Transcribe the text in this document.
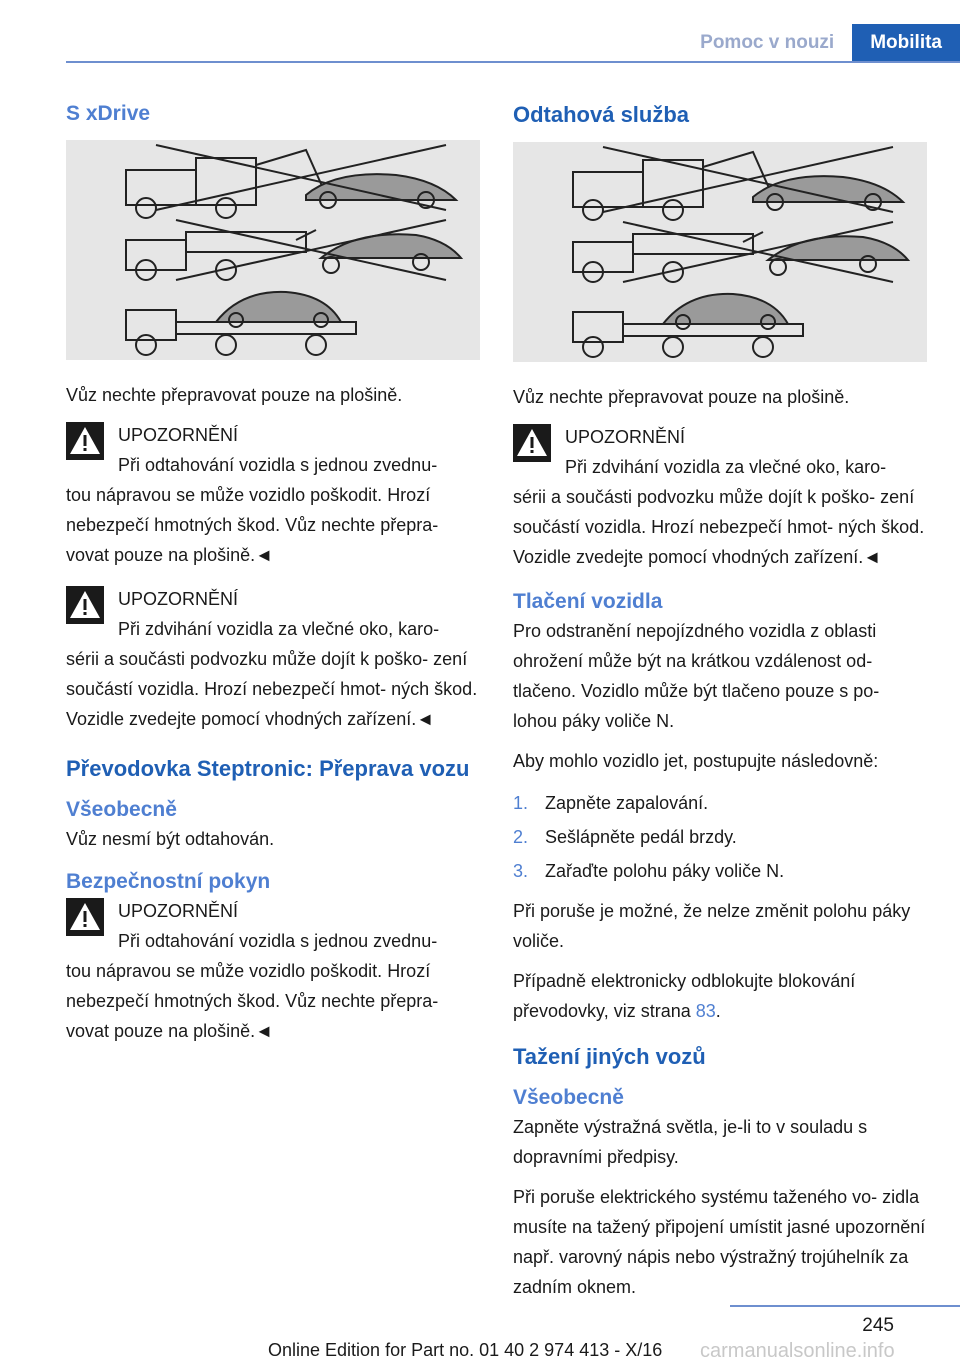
Pomoc v nouzi	Mobilita
S xDrive

Vůz nechte přepravovat pouze na plošině.

UPOZORNĚNÍ
Při odtahování vozidla s jednou zvednu‐
tou nápravou se může vozidlo poškodit. Hrozí nebezpečí hmotných škod. Vůz nechte přepra‐ vovat pouze na plošině.◄
UPOZORNĚNÍ
Při zdvihání vozidla za vlečné oko, karo‐
sérii a součásti podvozku může dojít k poško‐ zení součástí vozidla. Hrozí nebezpečí hmot‐ ných škod. Vozidle zvedejte pomocí vhodných zařízení.◄
Převodovka Steptronic: Přeprava vozu
Všeobecně

Vůz nesmí být odtahován.

Bezpečnostní pokyn
UPOZORNĚNÍ
Při odtahování vozidla s jednou zvednu‐
tou nápravou se může vozidlo poškodit. Hrozí nebezpečí hmotných škod. Vůz nechte přepra‐ vovat pouze na plošině.◄
Odtahová služba

Vůz nechte přepravovat pouze na plošině.

UPOZORNĚNÍ
Při zdvihání vozidla za vlečné oko, karo‐
sérii a součásti podvozku může dojít k poško‐ zení součástí vozidla. Hrozí nebezpečí hmot‐ ných škod. Vozidle zvedejte pomocí vhodných zařízení.◄
Tlačení vozidla

Pro odstranění nepojízdného vozidla z oblasti ohrožení může být na krátkou vzdálenost od‐ tlačeno. Vozidlo může být tlačeno pouze s po‐ lohou páky voliče N.

Aby mohlo vozidlo jet, postupujte následovně:

1. Zapněte zapalování.
2. Sešlápněte pedál brzdy.
3. Zařaďte polohu páky voliče N.

Při poruše je možné, že nelze změnit polohu páky voliče.

Případně elektronicky odblokujte blokování převodovky, viz strana 83.

Tažení jiných vozů
Všeobecně

Zapněte výstražná světla, je-li to v souladu s dopravními předpisy.

Při poruše elektrického systému taženého vo‐ zidla musíte na tažený připojení umístit jasné upozornění např. varovný nápis nebo výstražný trojúhelník za zadním oknem.

245
Online Edition for Part no. 01 40 2 974 413 - X/16 carmanualsonline.info
